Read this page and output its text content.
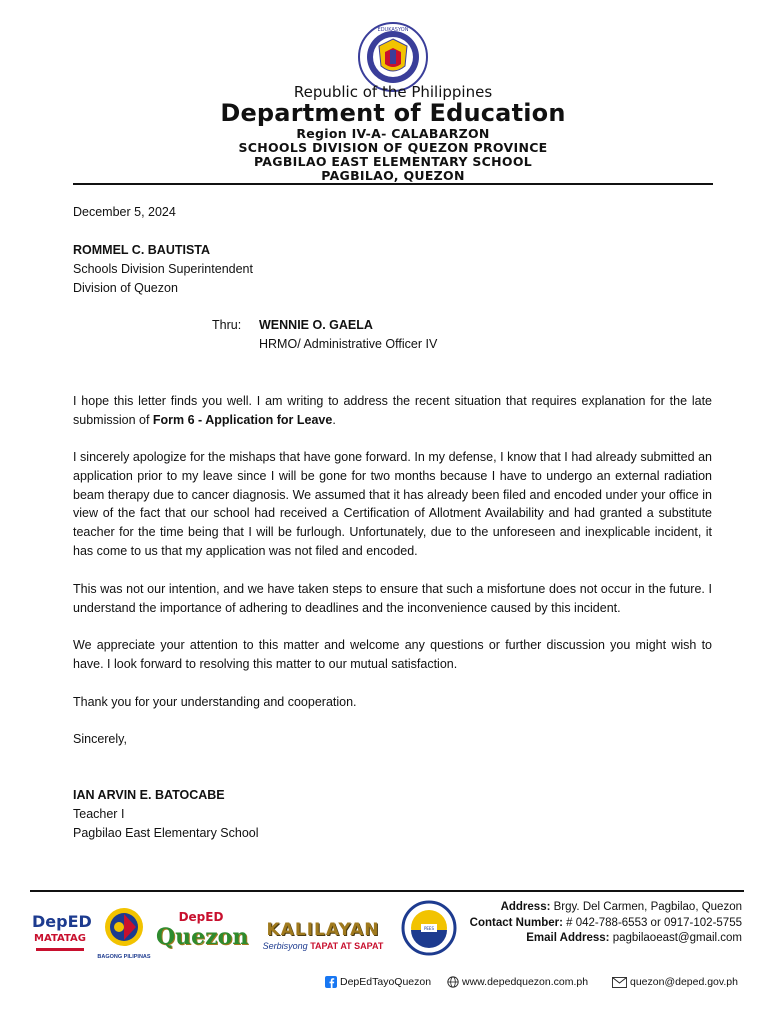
EDUKASYON
Republic of the Philippines
Department of Education
Region IV-A- CALABARZON
SCHOOLS DIVISION OF QUEZON PROVINCE
PAGBILAO EAST ELEMENTARY SCHOOL
PAGBILAO, QUEZON
December 5, 2024
ROMMEL C. BAUTISTA
Schools Division Superintendent
Division of Quezon
Thru: WENNIE O. GAELA
HRMO/ Administrative Officer IV
I hope this letter finds you well. I am writing to address the recent situation that requires explanation for the late submission of Form 6 - Application for Leave.
I sincerely apologize for the mishaps that have gone forward. In my defense, I know that I had already submitted an application prior to my leave since I will be gone for two months because I have to undergo an external radiation beam therapy due to cancer diagnosis. We assumed that it has already been filed and encoded under your office in view of the fact that our school had received a Certification of Allotment Availability and had granted a substitute teacher for the time being that I will be furlough. Unfortunately, due to the unforeseen and inexplicable incident, it has come to us that my application was not filed and encoded.
This was not our intention, and we have taken steps to ensure that such a misfortune does not occur in the future. I understand the importance of adhering to deadlines and the inconvenience caused by this incident.
We appreciate your attention to this matter and welcome any questions or further discussion you might wish to have. I look forward to resolving this matter to our mutual satisfaction.
Thank you for your understanding and cooperation.
Sincerely,
IAN ARVIN E. BATOCABE
Teacher I
Pagbilao East Elementary School
DepED
MATATAG
BAGONG PILIPINAS
DepED
Quezon	KALILAYAN
Serbisyong TAPAT AT SAPAT
PEES
Address: Brgy. Del Carmen, Pagbilao, Quezon
Contact Number: # 042-788-6553 or 0917-102-5755
Email Address: pagbilaoeast@gmail.com
DepEdTayoQuezon	www.depedquezon.com.ph	quezon@deped.gov.ph
